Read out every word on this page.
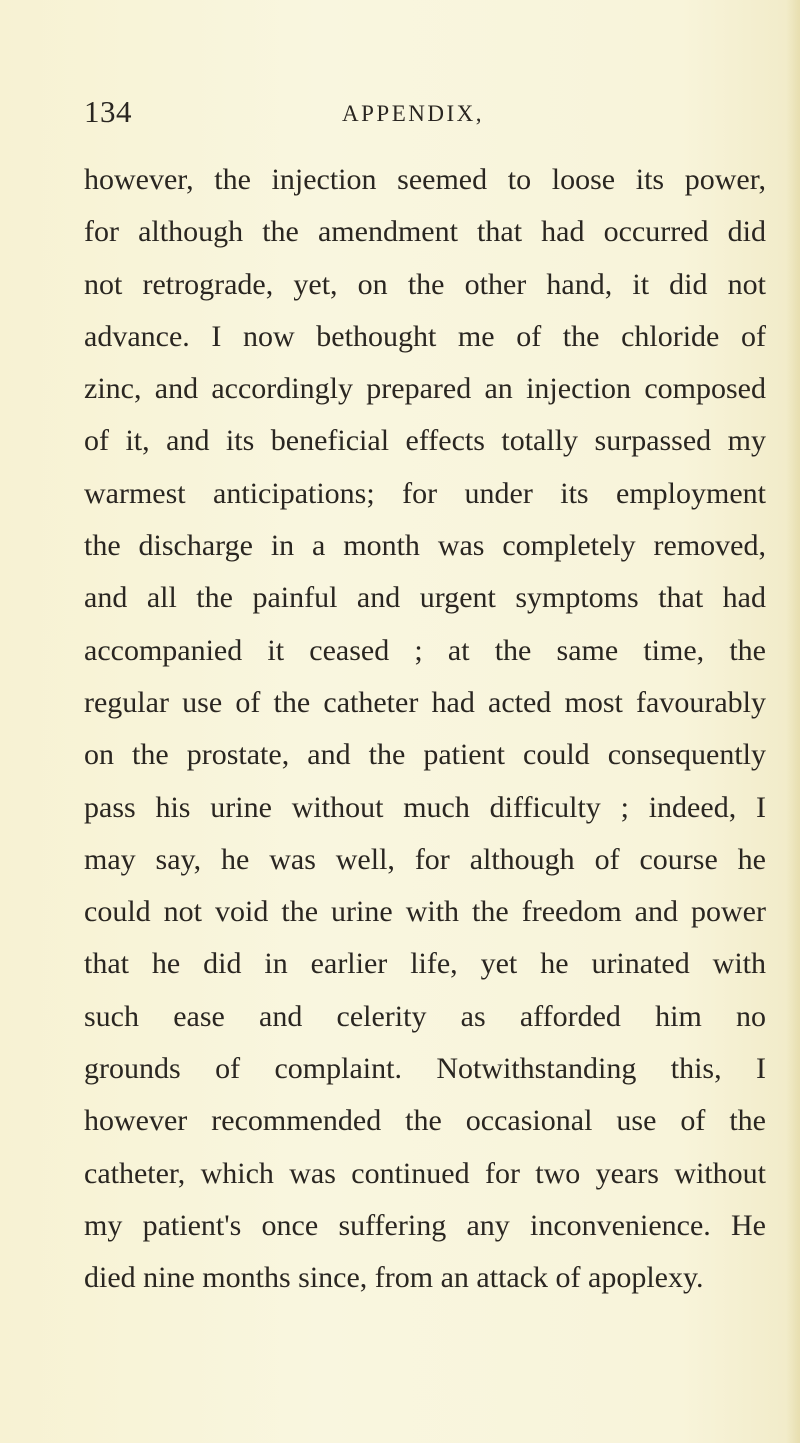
134	APPENDIX,
however, the injection seemed to loose its power,
for although the amendment that had occurred did
not retrograde, yet, on the other hand, it did not
advance. I now bethought me of the chloride of
zinc, and accordingly prepared an injection composed
of it, and its beneficial effects totally surpassed my
warmest anticipations; for under its employment
the discharge in a month was completely removed,
and all the painful and urgent symptoms that had
accompanied it ceased ; at the same time, the
regular use of the catheter had acted most favourably
on the prostate, and the patient could consequently
pass his urine without much difficulty ; indeed, I
may say, he was well, for although of course he
could not void the urine with the freedom and power
that he did in earlier life, yet he urinated with
such ease and celerity as afforded him no
grounds of complaint. Notwithstanding this, I
however recommended the occasional use of the
catheter, which was continued for two years without
my patient's once suffering any inconvenience. He
died nine months since, from an attack of apoplexy.
